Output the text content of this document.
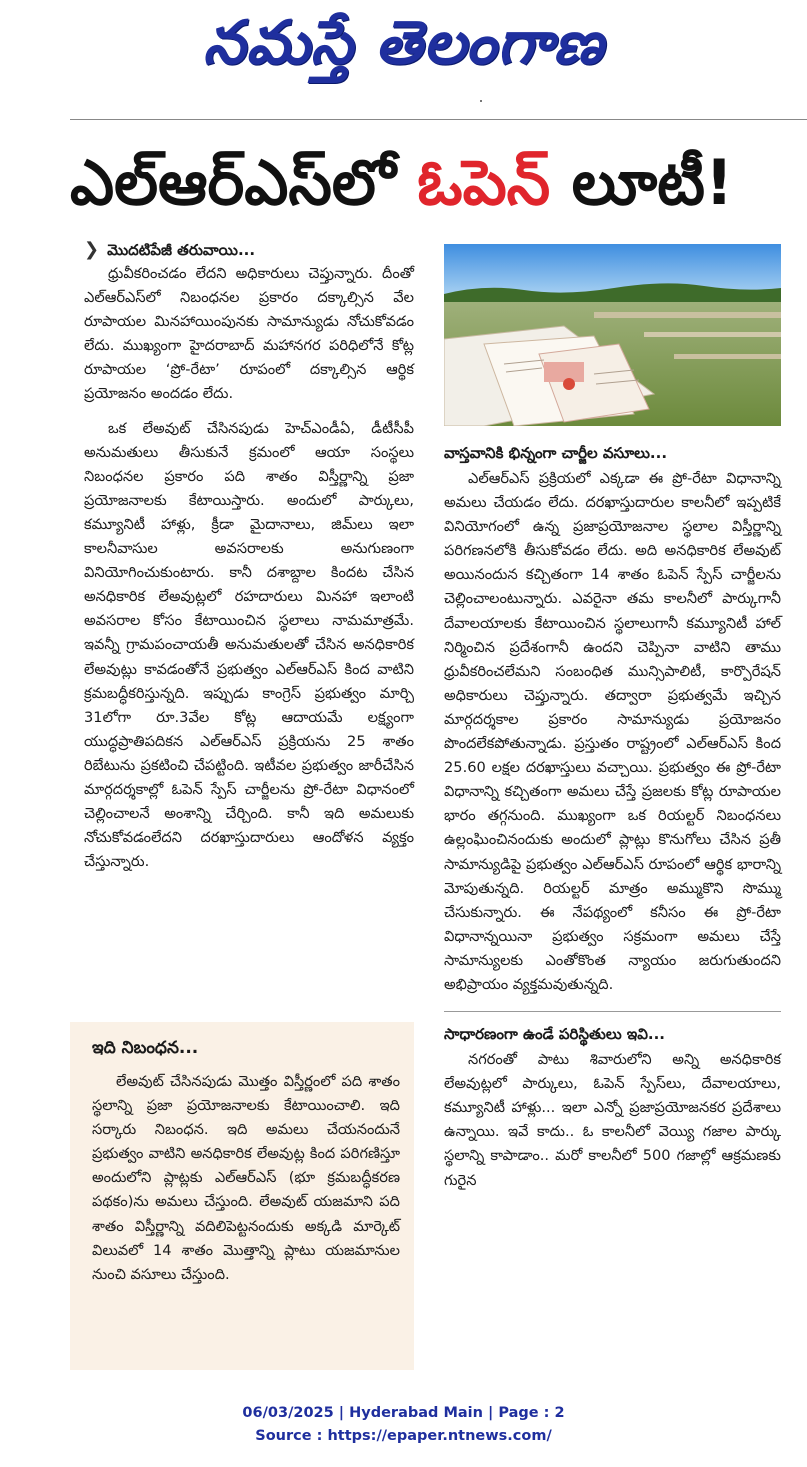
నమస్తే తెలంగాణ
ఎల్‌ఆర్‌ఎస్‌లో ఓపెన్‌ లూటీ!
❯ మొదటిపేజీ తరువాయి...

ధ్రువీకరించడం లేదని అధికారులు చెప్తున్నారు. దీంతో ఎల్‌ఆర్‌ఎస్‌లో నిబంధనల ప్రకారం దక్కాల్సిన వేల రూపాయల మినహాయింపునకు సామాన్యుడు నోచుకోవడం లేదు. ముఖ్యంగా హైదరాబాద్‌ మహానగర పరిధిలోనే కోట్ల రూపాయల ‘ప్రో-రేటా’ రూపంలో దక్కాల్సిన ఆర్థిక ప్రయోజనం అందడం లేదు.

ఒక లేఅవుట్‌ చేసినపుడు హెచ్‌ఎండీఏ, డీటీసీపీ అనుమతులు తీసుకునే క్రమంలో ఆయా సంస్థలు నిబంధనల ప్రకారం పది శాతం విస్తీర్ణాన్ని ప్రజా ప్రయోజనాలకు కేటాయిస్తారు. అందులో పార్కులు, కమ్యూనిటీ హాళ్లు, క్రీడా మైదానాలు, జిమ్‌లు ఇలా కాలనీవాసుల అవసరాలకు అనుగుణంగా వినియోగించుకుంటారు. కానీ దశాబ్దాల కిందట చేసిన అనధికారిక లేఅవుట్లలో రహదారులు మినహా ఇలాంటి అవసరాల కోసం కేటాయించిన స్థలాలు నామమాత్రమే. ఇవన్నీ గ్రామపంచాయతీ అనుమతులతో చేసిన అనధికారిక లేఅవుట్లు కావడంతోనే ప్రభుత్వం ఎల్‌ఆర్‌ఎస్‌ కింద వాటిని క్రమబద్ధీకరిస్తున్నది. ఇప్పుడు కాంగ్రెస్‌ ప్రభుత్వం మార్చి 31లోగా రూ.3వేల కోట్ల ఆదాయమే లక్ష్యంగా యుద్ధప్రాతిపదికన ఎల్‌ఆర్‌ఎస్‌ ప్రక్రియను 25 శాతం రిబేటును ప్రకటించి చేపట్టింది. ఇటీవల ప్రభుత్వం జారీచేసిన మార్గదర్శకాల్లో ఓపెన్‌ స్పేస్‌ చార్జీలను ప్రో-రేటా విధానంలో చెల్లించాలనే అంశాన్ని చేర్చింది. కానీ ఇది అమలుకు నోచుకోవడంలేదని దరఖాస్తుదారులు ఆందోళన వ్యక్తం చేస్తున్నారు.

ఇది నిబంధన...

లేఅవుట్‌ చేసినపుడు మొత్తం విస్తీర్ణంలో పది శాతం స్థలాన్ని ప్రజా ప్రయోజనాలకు కేటాయించాలి. ఇది సర్కారు నిబంధన. ఇది అమలు చేయనందునే ప్రభుత్వం వాటిని అనధికారిక లేఅవుట్ల కింద పరిగణిస్తూ అందులోని ప్లాట్లకు ఎల్‌ఆర్‌ఎస్‌ (భూ క్రమబద్ధీకరణ పథకం)ను అమలు చేస్తుంది. లేఅవుట్‌ యజమాని పది శాతం విస్తీర్ణాన్ని వదిలిపెట్టనందుకు అక్కడి మార్కెట్‌ విలువలో 14 శాతం మొత్తాన్ని ప్లాటు యజమానుల నుంచి వసూలు చేస్తుంది.

వాస్తవానికి భిన్నంగా చార్జీల వసూలు...

ఎల్‌ఆర్‌ఎస్‌ ప్రక్రియలో ఎక్కడా ఈ ప్రో-రేటా విధానాన్ని అమలు చేయడం లేదు. దరఖాస్తుదారుల కాలనీలో ఇప్పటికే వినియోగంలో ఉన్న ప్రజాప్రయోజనాల స్థలాల విస్తీర్ణాన్ని పరిగణనలోకి తీసుకోవడం లేదు. అది అనధికారిక లేఅవుట్‌ అయినందున కచ్చితంగా 14 శాతం ఓపెన్‌ స్పేస్‌ చార్జీలను చెల్లించాలంటున్నారు. ఎవరైనా తమ కాలనీలో పార్కుగానీ దేవాలయాలకు కేటాయించిన స్థలాలుగానీ కమ్యూనిటీ హాల్‌ నిర్మించిన ప్రదేశంగానీ ఉందని చెప్పినా వాటిని తాము ధ్రువీకరించలేమని సంబంధిత మున్సిపాలిటీ, కార్పొరేషన్‌ అధికారులు చెప్తున్నారు. తద్వారా ప్రభుత్వమే ఇచ్చిన మార్గదర్శకాల ప్రకారం సామాన్యుడు ప్రయోజనం పొందలేకపోతున్నాడు. ప్రస్తుతం రాష్ట్రంలో ఎల్‌ఆర్‌ఎస్‌ కింద 25.60 లక్షల దరఖాస్తులు వచ్చాయి. ప్రభుత్వం ఈ ప్రో-రేటా విధానాన్ని కచ్చితంగా అమలు చేస్తే ప్రజలకు కోట్ల రూపాయల భారం తగ్గనుంది. ముఖ్యంగా ఒక రియల్టర్‌ నిబంధనలు ఉల్లంఘించినందుకు అందులో ప్లాట్లు కొనుగోలు చేసిన ప్రతీ సామాన్యుడిపై ప్రభుత్వం ఎల్‌ఆర్‌ఎస్‌ రూపంలో ఆర్థిక భారాన్ని మోపుతున్నది. రియల్టర్‌ మాత్రం అమ్ముకొని సొమ్ము చేసుకున్నారు. ఈ నేపథ్యంలో కనీసం ఈ ప్రో-రేటా విధానాన్నయినా ప్రభుత్వం సక్రమంగా అమలు చేస్తే సామాన్యులకు ఎంతోకొంత న్యాయం జరుగుతుందని అభిప్రాయం వ్యక్తమవుతున్నది.

సాధారణంగా ఉండే పరిస్థితులు ఇవి...

నగరంతో పాటు శివారులోని అన్ని అనధికారిక లేఅవుట్లలో పార్కులు, ఓపెన్‌ స్పేస్‌లు, దేవాలయాలు, కమ్యూనిటీ హాళ్లు... ఇలా ఎన్నో ప్రజాప్రయోజనకర ప్రదేశాలు ఉన్నాయి. ఇవే కాదు.. ఓ కాలనీలో వెయ్యి గజాల పార్కు స్థలాన్ని కాపాడాం.. మరో కాలనీలో 500 గజాల్లో ఆక్రమణకు గురైన

06/03/2025 | Hyderabad Main | Page : 2
Source : https://epaper.ntnews.com/
